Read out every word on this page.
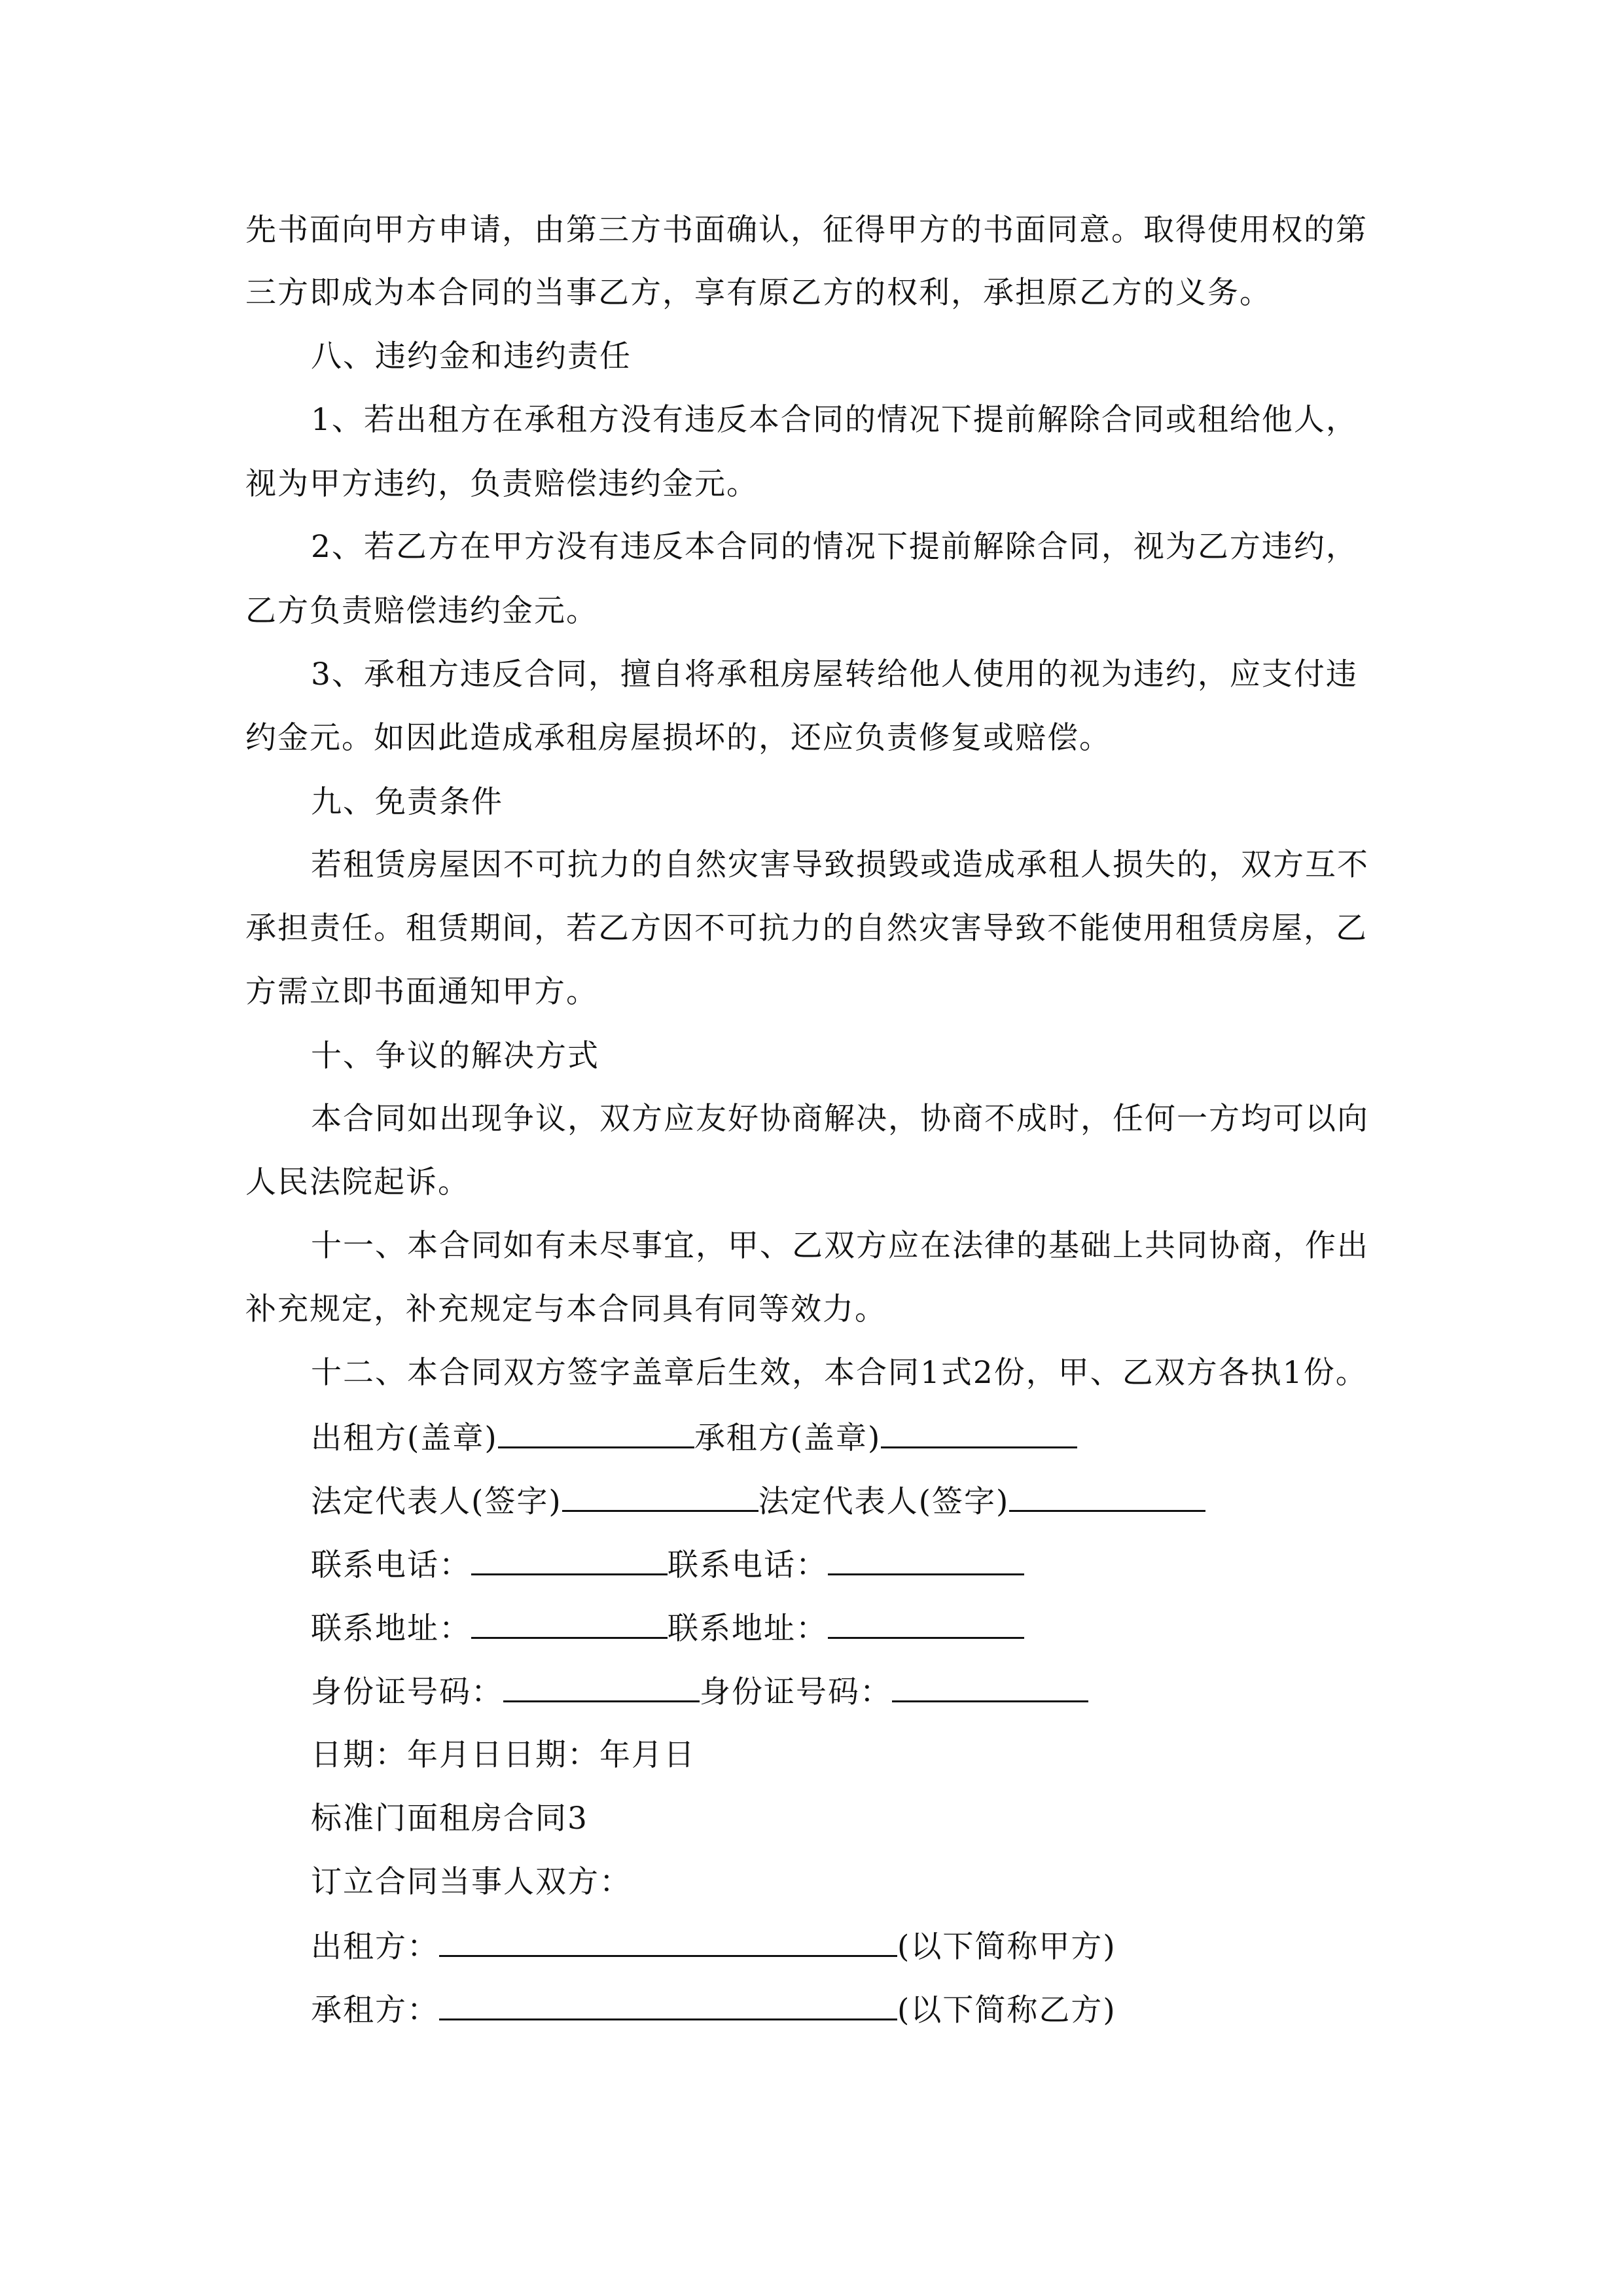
先书面向甲方申请，由第三方书面确认，征得甲方的书面同意。取得使用权的第
三方即成为本合同的当事乙方，享有原乙方的权利，承担原乙方的义务。
八、违约金和违约责任
1、若出租方在承租方没有违反本合同的情况下提前解除合同或租给他人，
视为甲方违约，负责赔偿违约金元。
2、若乙方在甲方没有违反本合同的情况下提前解除合同，视为乙方违约，
乙方负责赔偿违约金元。
3、承租方违反合同，擅自将承租房屋转给他人使用的视为违约，应支付违
约金元。如因此造成承租房屋损坏的，还应负责修复或赔偿。
九、免责条件
若租赁房屋因不可抗力的自然灾害导致损毁或造成承租人损失的，双方互不
承担责任。租赁期间，若乙方因不可抗力的自然灾害导致不能使用租赁房屋，乙
方需立即书面通知甲方。
十、争议的解决方式
本合同如出现争议，双方应友好协商解决，协商不成时，任何一方均可以向
人民法院起诉。
十一、本合同如有未尽事宜，甲、乙双方应在法律的基础上共同协商，作出
补充规定，补充规定与本合同具有同等效力。
十二、本合同双方签字盖章后生效，本合同1式2份，甲、乙双方各执1份。
出租方(盖章)	承租方(盖章)
法定代表人(签字)	法定代表人(签字)
联系电话：	联系电话：
联系地址：	联系地址：
身份证号码：	身份证号码：
日期：年月日日期：年月日
标准门面租房合同3
订立合同当事人双方：
出租方：	(以下简称甲方)
承租方：	(以下简称乙方)
